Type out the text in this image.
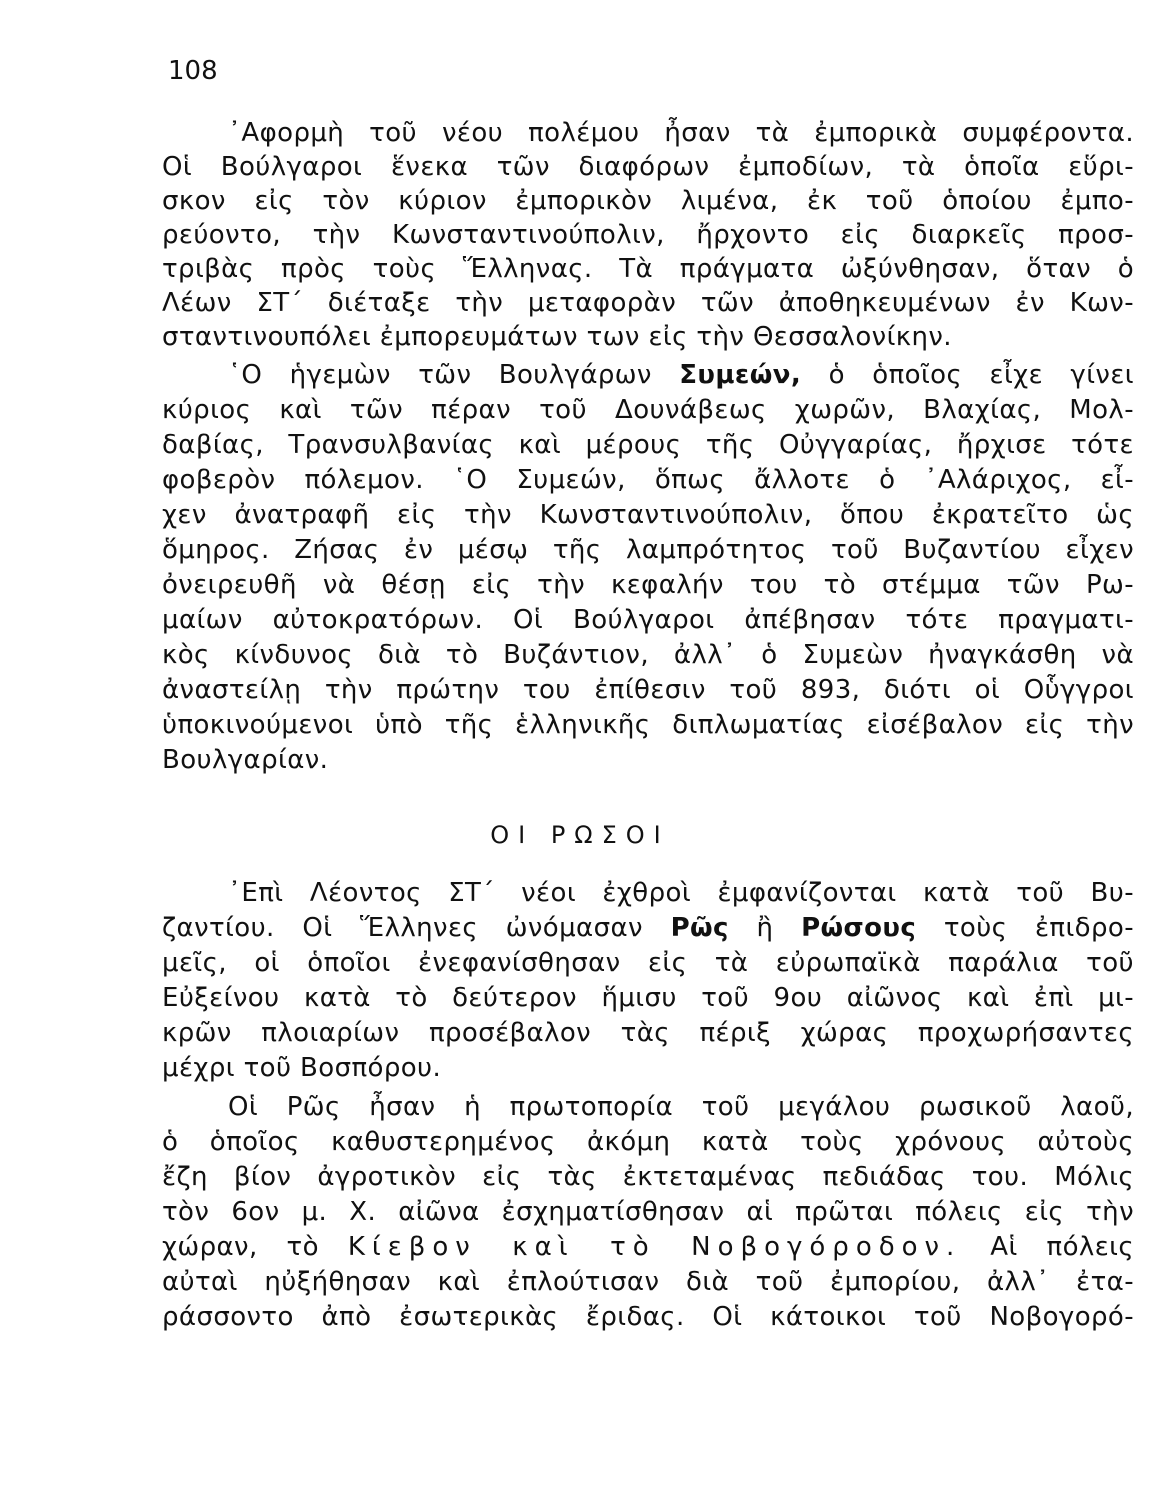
108
᾿Αφορμὴ τοῦ νέου πολέμου ἦσαν τὰ ἐμπορικὰ συμφέροντα.
Οἱ Βούλγαροι ἕνεκα τῶν διαφόρων ἐμποδίων, τὰ ὁποῖα εὕρι-
σκον εἰς τὸν κύριον ἐμπορικὸν λιμένα, ἐκ τοῦ ὁποίου ἐμπο-
ρεύοντο, τὴν Κωνσταντινούπολιν, ἤρχοντο εἰς διαρκεῖς προσ-
τριβὰς πρὸς τοὺς Ἕλληνας. Τὰ πράγματα ὠξύνθησαν, ὅταν ὁ
Λέων ΣΤ΄ διέταξε τὴν μεταφορὰν τῶν ἀποθηκευμένων ἐν Κων-
σταντινουπόλει ἐμπορευμάτων των εἰς τὴν Θεσσαλονίκην.
῾Ο ἡγεμὼν τῶν Βουλγάρων Συμεών, ὁ ὁποῖος εἶχε γίνει
κύριος καὶ τῶν πέραν τοῦ Δουνάβεως χωρῶν, Βλαχίας, Μολ-
δαβίας, Τρανσυλβανίας καὶ μέρους τῆς Οὐγγαρίας, ἤρχισε τότε
φοβερὸν πόλεμον. ῾Ο Συμεών, ὅπως ἄλλοτε ὁ ᾿Αλάριχος, εἶ-
χεν ἀνατραφῆ εἰς τὴν Κωνσταντινούπολιν, ὅπου ἐκρατεῖτο ὡς
ὅμηρος. Ζήσας ἐν μέσῳ τῆς λαμπρότητος τοῦ Βυζαντίου εἶχεν
ὀνειρευθῆ νὰ θέσῃ εἰς τὴν κεφαλήν του τὸ στέμμα τῶν Ρω-
μαίων αὐτοκρατόρων. Οἱ Βούλγαροι ἀπέβησαν τότε πραγματι-
κὸς κίνδυνος διὰ τὸ Βυζάντιον, ἀλλ᾿ ὁ Συμεὼν ἠναγκάσθη νὰ
ἀναστείλῃ τὴν πρώτην του ἐπίθεσιν τοῦ 893, διότι οἱ Οὗγγροι
ὑποκινούμενοι ὑπὸ τῆς ἑλληνικῆς διπλωματίας εἰσέβαλον εἰς τὴν
Βουλγαρίαν.
ΟΙ ΡΩΣΟΙ
᾿Επὶ Λέοντος ΣΤ΄ νέοι ἐχθροὶ ἐμφανίζονται κατὰ τοῦ Βυ-
ζαντίου. Οἱ Ἕλληνες ὠνόμασαν Ρῶς ἢ Ρώσους τοὺς ἐπιδρο-
μεῖς, οἱ ὁποῖοι ἐνεφανίσθησαν εἰς τὰ εὐρωπαϊκὰ παράλια τοῦ
Εὐξείνου κατὰ τὸ δεύτερον ἥμισυ τοῦ 9ου αἰῶνος καὶ ἐπὶ μι-
κρῶν πλοιαρίων προσέβαλον τὰς πέριξ χώρας προχωρήσαντες
μέχρι τοῦ Βοσπόρου.
Οἱ Ρῶς ἦσαν ἡ πρωτοπορία τοῦ μεγάλου ρωσικοῦ λαοῦ,
ὁ ὁποῖος καθυστερημένος ἀκόμη κατὰ τοὺς χρόνους αὐτοὺς
ἔζη βίον ἀγροτικὸν εἰς τὰς ἐκτεταμένας πεδιάδας του. Μόλις
τὸν 6ον μ. Χ. αἰῶνα ἐσχηματίσθησαν αἱ πρῶται πόλεις εἰς τὴν
χώραν, τὸ Κίεβον καὶ τὸ Νοβογόροδον. Αἱ πόλεις
αὐταὶ ηὐξήθησαν καὶ ἐπλούτισαν διὰ τοῦ ἐμπορίου, ἀλλ᾿ ἐτα-
ράσσοντο ἀπὸ ἐσωτερικὰς ἔριδας. Οἱ κάτοικοι τοῦ Νοβογορό-
